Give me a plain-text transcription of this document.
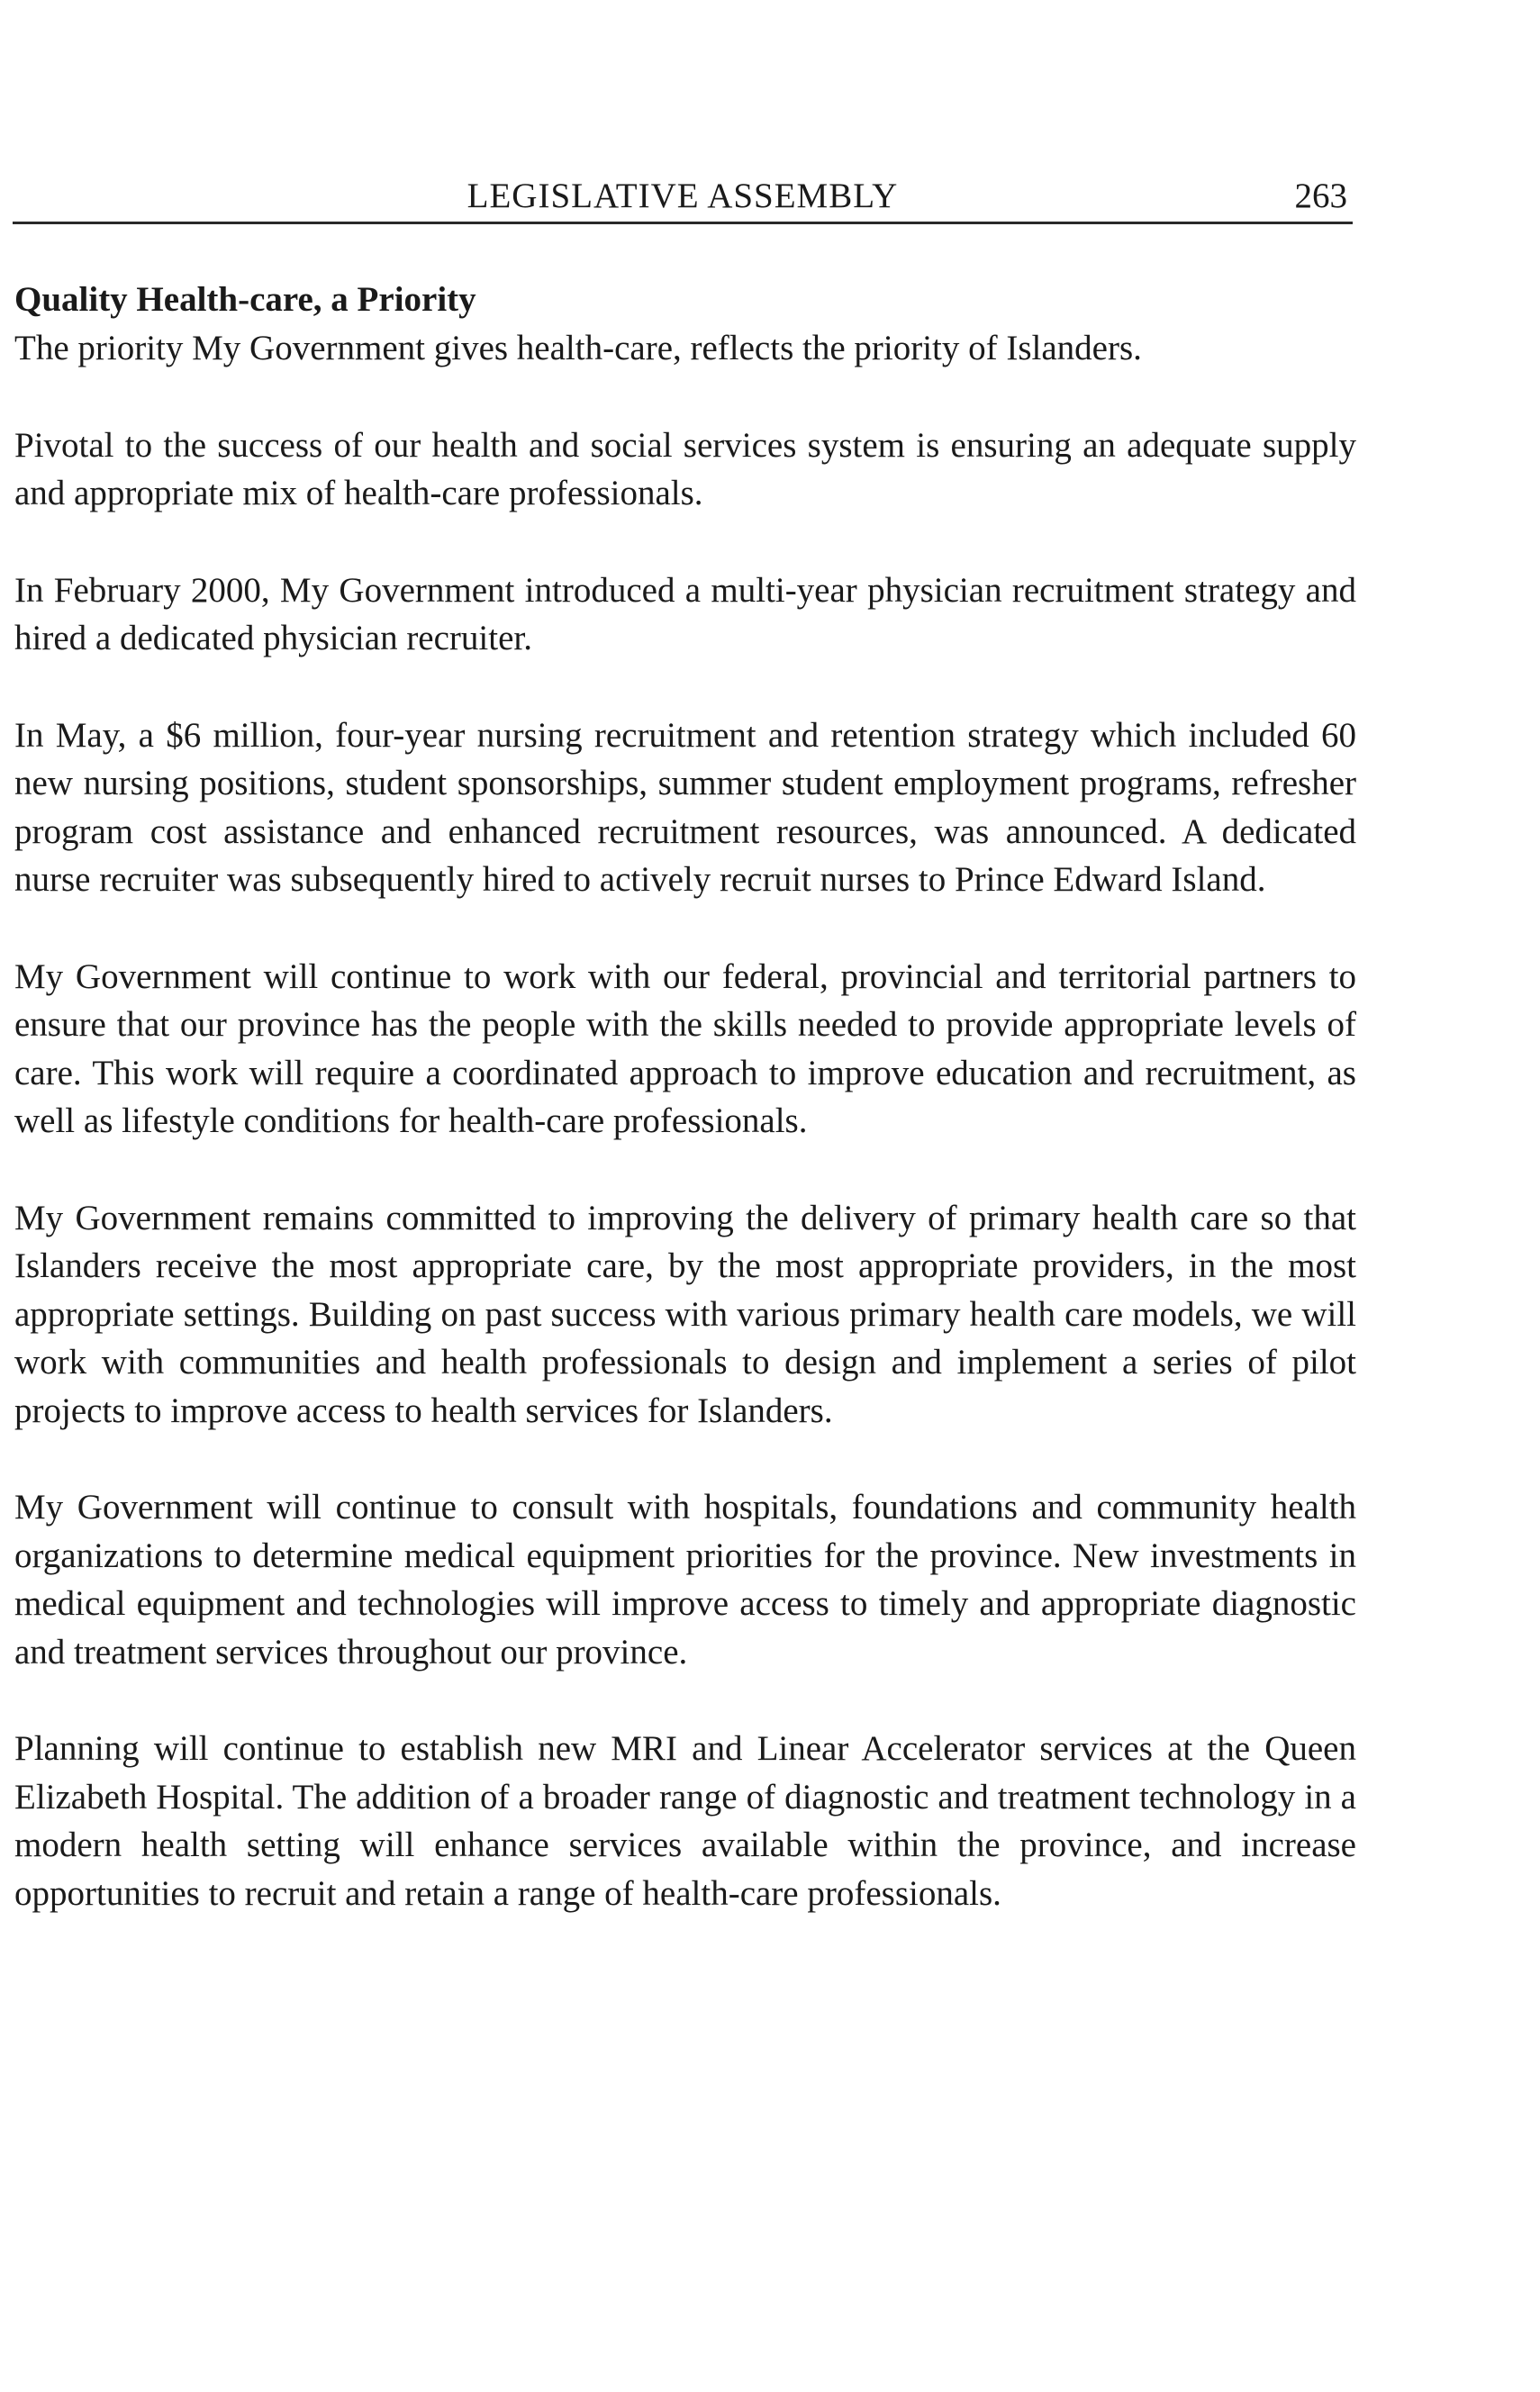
LEGISLATIVE ASSEMBLY	263
Quality Health-care, a Priority

The priority My Government gives health-care, reflects the priority of Islanders.

Pivotal to the success of our health and social services system is ensuring an adequate supply and appropriate mix of health-care professionals.

In February 2000, My Government introduced a multi-year physician recruitment strategy and hired a dedicated physician recruiter.

In May, a $6 million, four-year nursing recruitment and retention strategy which included 60 new nursing positions, student sponsorships, summer student employment programs, refresher program cost assistance and enhanced recruitment resources, was announced. A dedicated nurse recruiter was subsequently hired to actively recruit nurses to Prince Edward Island.

My Government will continue to work with our federal, provincial and territorial partners to ensure that our province has the people with the skills needed to provide appropriate levels of care. This work will require a coordinated approach to improve education and recruitment, as well as lifestyle conditions for health-care professionals.

My Government remains committed to improving the delivery of primary health care so that Islanders receive the most appropriate care, by the most appropriate providers, in the most appropriate settings. Building on past success with various primary health care models, we will work with communities and health professionals to design and implement a series of pilot projects to improve access to health services for Islanders.

My Government will continue to consult with hospitals, foundations and community health organizations to determine medical equipment priorities for the province. New investments in medical equipment and technologies will improve access to timely and appropriate diagnostic and treatment services throughout our province.

Planning will continue to establish new MRI and Linear Accelerator services at the Queen Elizabeth Hospital. The addition of a broader range of diagnostic and treatment technology in a modern health setting will enhance services available within the province, and increase opportunities to recruit and retain a range of health-care professionals.
